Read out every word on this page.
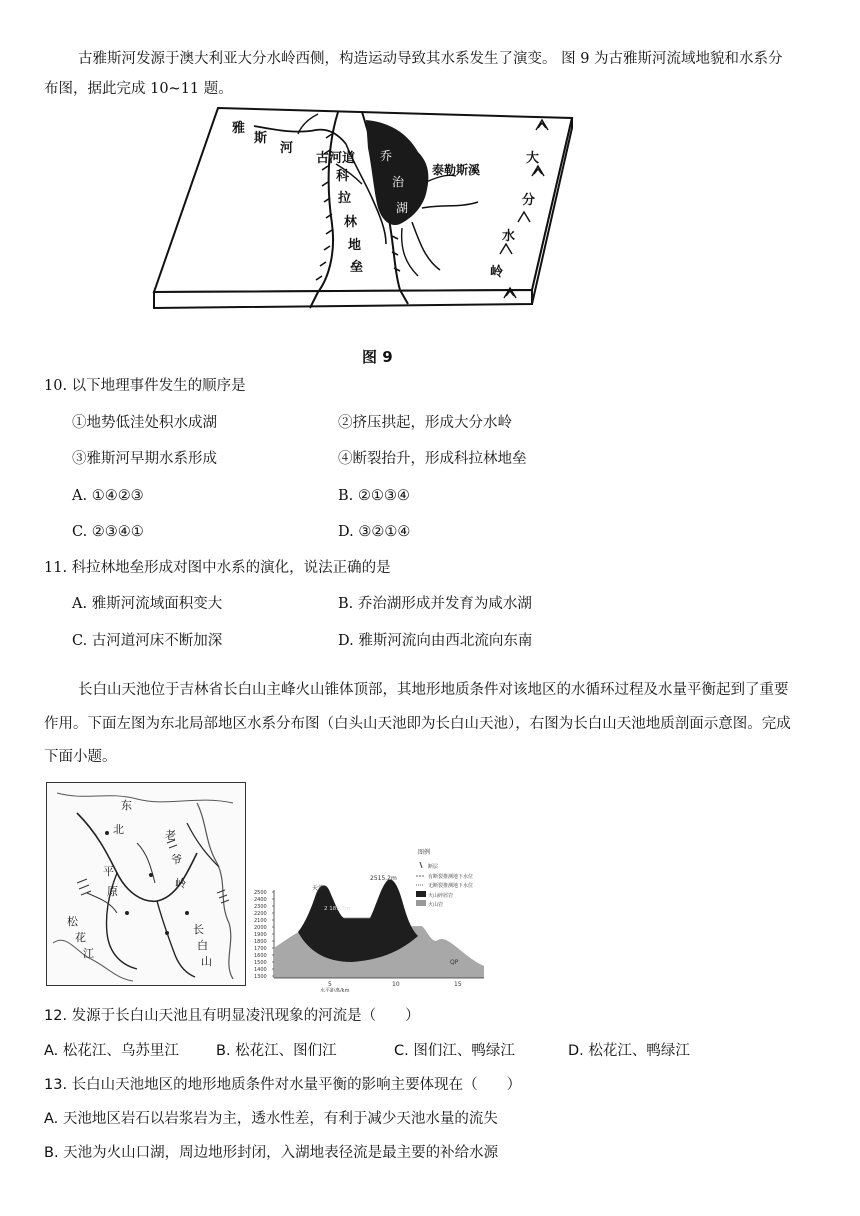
古雅斯河发源于澳大利亚大分水岭西侧，构造运动导致其水系发生了演变。 图 9 为古雅斯河流域地貌和水系分
布图，据此完成 10~11 题。
雅
斯
河
古河道
科
拉
林
地
垒
乔
治
湖
泰勒斯溪
大
分
水
岭
图 9
10. 以下地理事件发生的顺序是
①地势低洼处积水成湖	②挤压拱起，形成大分水岭
③雅斯河早期水系形成	④断裂抬升，形成科拉林地垒
A. ①④②③	B. ②①③④
C. ②③④①	D. ③②①④
11. 科拉林地垒形成对图中水系的演化，说法正确的是
A. 雅斯河流域面积变大	B. 乔治湖形成并发育为咸水湖
C. 古河道河床不断加深	D. 雅斯河流向由西北流向东南
长白山天池位于吉林省长白山主峰火山锥体顶部，其地形地质条件对该地区的水循环过程及水量平衡起到了重要
作用。下面左图为东北局部地区水系分布图（白头山天池即为长白山天池），右图为长白山天池地质剖面示意图。完成
下面小题。
东
北
平
原
老
爷
岭
松
花
江
长
白
山
图例
断层
有断裂推测地下水位
无断裂推测地下水位
火山碎屑岩
火山岩
2500
2400
2300
2200
2100
2000
1900
1800
1700
1600
1500
1400
1300
天池
2515.2m
2 189.7m
QP
5	10	15
水平距离/km
12. 发源于长白山天池且有明显凌汛现象的河流是（　　）
A. 松花江、乌苏里江	B. 松花江、图们江	C. 图们江、鸭绿江	D. 松花江、鸭绿江
13. 长白山天池地区的地形地质条件对水量平衡的影响主要体现在（　　）
A. 天池地区岩石以岩浆岩为主，透水性差，有利于减少天池水量的流失
B. 天池为火山口湖，周边地形封闭，入湖地表径流是最主要的补给水源
